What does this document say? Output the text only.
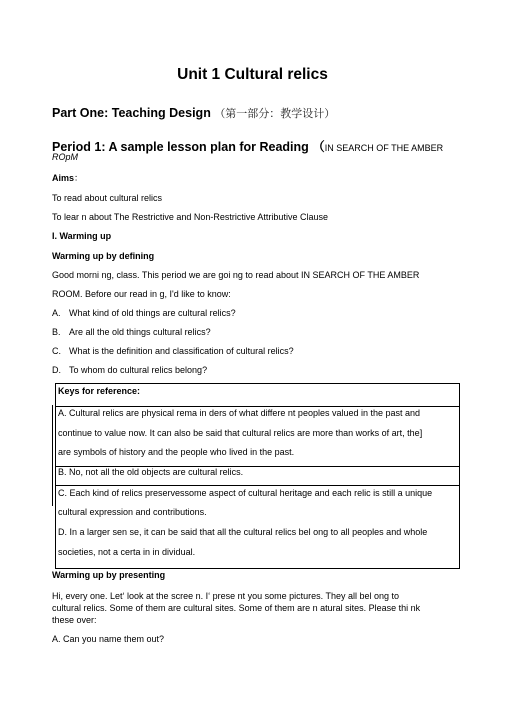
Unit 1 Cultural relics
Part One: Teaching Design （第一部分：教学设计）
Period 1: A sample lesson plan for Reading （IN SEARCH OF THE AMBER
ROpM
Aims：
To read about cultural relics
To lear n about The Restrictive and Non-Restrictive Attributive Clause
I. Warming up
Warming up by defining
Good morni ng, class. This period we are goi ng to read about IN SEARCH OF THE AMBER
ROOM. Before our read in g, I'd like to know:
A. What kind of old things are cultural relics?
B. Are all the old things cultural relics?
C. What is the definition and classification of cultural relics?
D. To whom do cultural relics belong?
Keys for reference:
A. Cultural relics are physical rema in ders of what differe nt peoples valued in the past and
continue to value now. It can also be said that cultural relics are more than works of art, the]
are symbols of history and the people who lived in the past.
B. No, not all the old objects are cultural relics.
C. Each kind of relics preservessome aspect of cultural heritage and each relic is still a unique
cultural expression and contributions.
D. In a larger sen se, it can be said that all the cultural relics bel ong to all peoples and whole
societies, not a certa in in dividual.
Warming up by presenting
Hi, every one. Let‘ look at the scree n. I‘ prese nt you some pictures. They all bel ong to
cultural relics. Some of them are cultural sites. Some of them are n atural sites. Please thi nk
these over:
A. Can you name them out?
